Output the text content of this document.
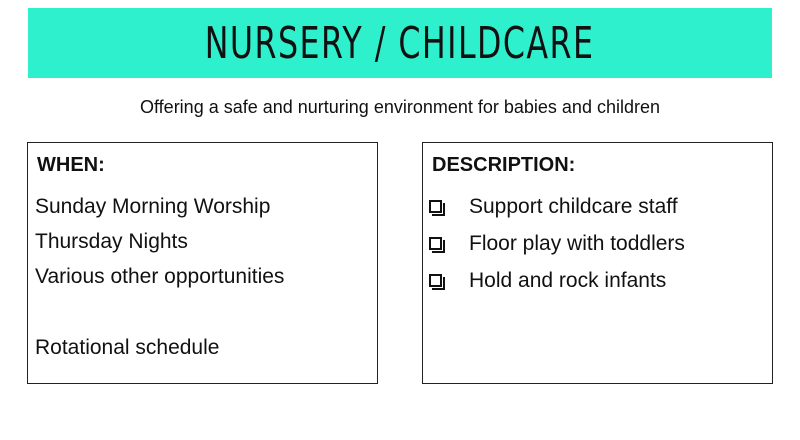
NURSERY / CHILDCARE
Offering a safe and nurturing environment for babies and children
WHEN:
Sunday Morning Worship
Thursday Nights
Various other opportunities
Rotational schedule
DESCRIPTION:
Support childcare staff
Floor play with toddlers
Hold and rock infants
